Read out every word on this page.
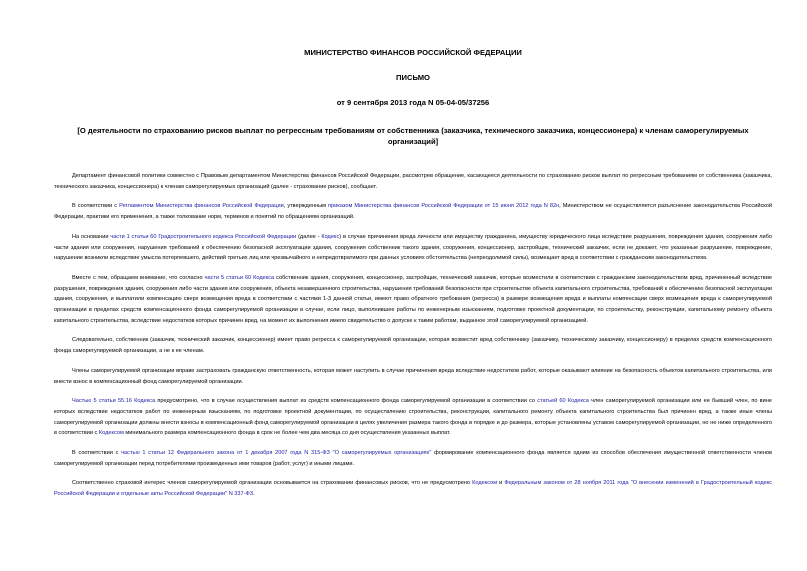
МИНИСТЕРСТВО ФИНАНСОВ РОССИЙСКОЙ ФЕДЕРАЦИИ

ПИСЬМО

от 9 сентября 2013 года N 05-04-05/37256

[О деятельности по страхованию рисков выплат по регрессным требованиям от собственника (заказчика, технического заказчика, концессионера) к членам саморегулируемых организаций]

Департамент финансовой политики совместно с Правовым департаментом Министерства финансов Российской Федерации, рассмотрев обращение, касающееся деятельности по страхованию рисков выплат по регрессным требованиям от собственника (заказчика, технического заказчика, концессионера) к членам саморегулируемых организаций (далее - страхование рисков), сообщает.

В соответствии с Регламентом Министерства финансов Российской Федерации, утвержденным приказом Министерства финансов Российской Федерации от 15 июня 2012 года N 82н, Министерством не осуществляется разъяснение законодательства Российской Федерации, практики его применения, а также толкование норм, терминов и понятий по обращениям организаций.

На основании части 1 статьи 60 Градостроительного кодекса Российской Федерации (далее - Кодекс) в случае причинения вреда личности или имуществу гражданина, имуществу юридического лица вследствие разрушения, повреждения здания, сооружения либо части здания или сооружения, нарушения требований к обеспечению безопасной эксплуатации здания, сооружения собственник такого здания, сооружения, концессионер, застройщик, технический заказчик, если не докажет, что указанные разрушение, повреждение, нарушение возникли вследствие умысла потерпевшего, действий третьих лиц или чрезвычайного и непредотвратимого при данных условиях обстоятельства (непреодолимой силы), возмещает вред в соответствии с гражданским законодательством.

Вместе с тем, обращаем внимание, что согласно части 5 статьи 60 Кодекса собственник здания, сооружения, концессионер, застройщик, технический заказчик, которые возместили в соответствии с гражданским законодательством вред, причиненный вследствие разрушения, повреждения здания, сооружения либо части здания или сооружения, объекта незавершенного строительства, нарушения требований безопасности при строительстве объекта капитального строительства, требований к обеспечению безопасной эксплуатации здания, сооружения, и выплатили компенсацию сверх возмещения вреда в соответствии с частями 1-3 данной статьи, имеют право обратного требования (регресса) в размере возмещения вреда и выплаты компенсации сверх возмещения вреда к саморегулируемой организации в пределах средств компенсационного фонда саморегулируемой организации в случае, если лицо, выполнившее работы по инженерным изысканиям, подготовке проектной документации, по строительству, реконструкции, капитальному ремонту объекта капитального строительства, вследствие недостатков которых причинен вред, на момент их выполнения имело свидетельство о допуске к таким работам, выданное этой саморегулируемой организацией.

Следовательно, собственник (заказчик, технический заказчик, концессионер) имеет право регресса к саморегулируемой организации, которая возместит вред собственнику (заказчику, техническому заказчику, концессионеру) в пределах средств компенсационного фонда саморегулируемой организации, а не к ее членам.

Члены саморегулируемой организации вправе застраховать гражданскую ответственность, которая может наступить в случае причинения вреда вследствие недостатков работ, которые оказывают влияние на безопасность объектов капитального строительства, или внести взнос в компенсационный фонд саморегулируемой организации.

Частью 5 статьи 55.16 Кодекса предусмотрено, что в случае осуществления выплат из средств компенсационного фонда саморегулируемой организации в соответствии со статьей 60 Кодекса член саморегулируемой организации или ее бывший член, по вине которых вследствие недостатков работ по инженерным изысканиям, по подготовке проектной документации, по осуществлению строительства, реконструкции, капитального ремонту объекта капитального строительства был причинен вред, а также иные члены саморегулируемой организации должны внести взносы в компенсационный фонд саморегулируемой организации в целях увеличения размера такого фонда в порядке и до размера, которые установлены уставом саморегулируемой организации, но не ниже определенного в соответствии с Кодексом минимального размера компенсационного фонда в срок не более чем два месяца со дня осуществления указанных выплат.

В соответствии с частью 1 статьи 12 Федерального закона от 1 декабря 2007 года N 315-ФЗ "О саморегулируемых организациях" формирование компенсационного фонда является одним из способов обеспечения имущественной ответственности членов саморегулируемой организации перед потребителями произведенных ими товаров (работ, услуг) и иными лицами.

Соответственно страховой интерес членов саморегулируемой организации основывается на страховании финансовых рисков, что не предусмотрено Кодексом и Федеральным законом от 28 ноября 2011 года "О внесении изменений в Градостроительный кодекс Российской Федерации и отдельные акты Российской Федерации" N 337-ФЗ.
